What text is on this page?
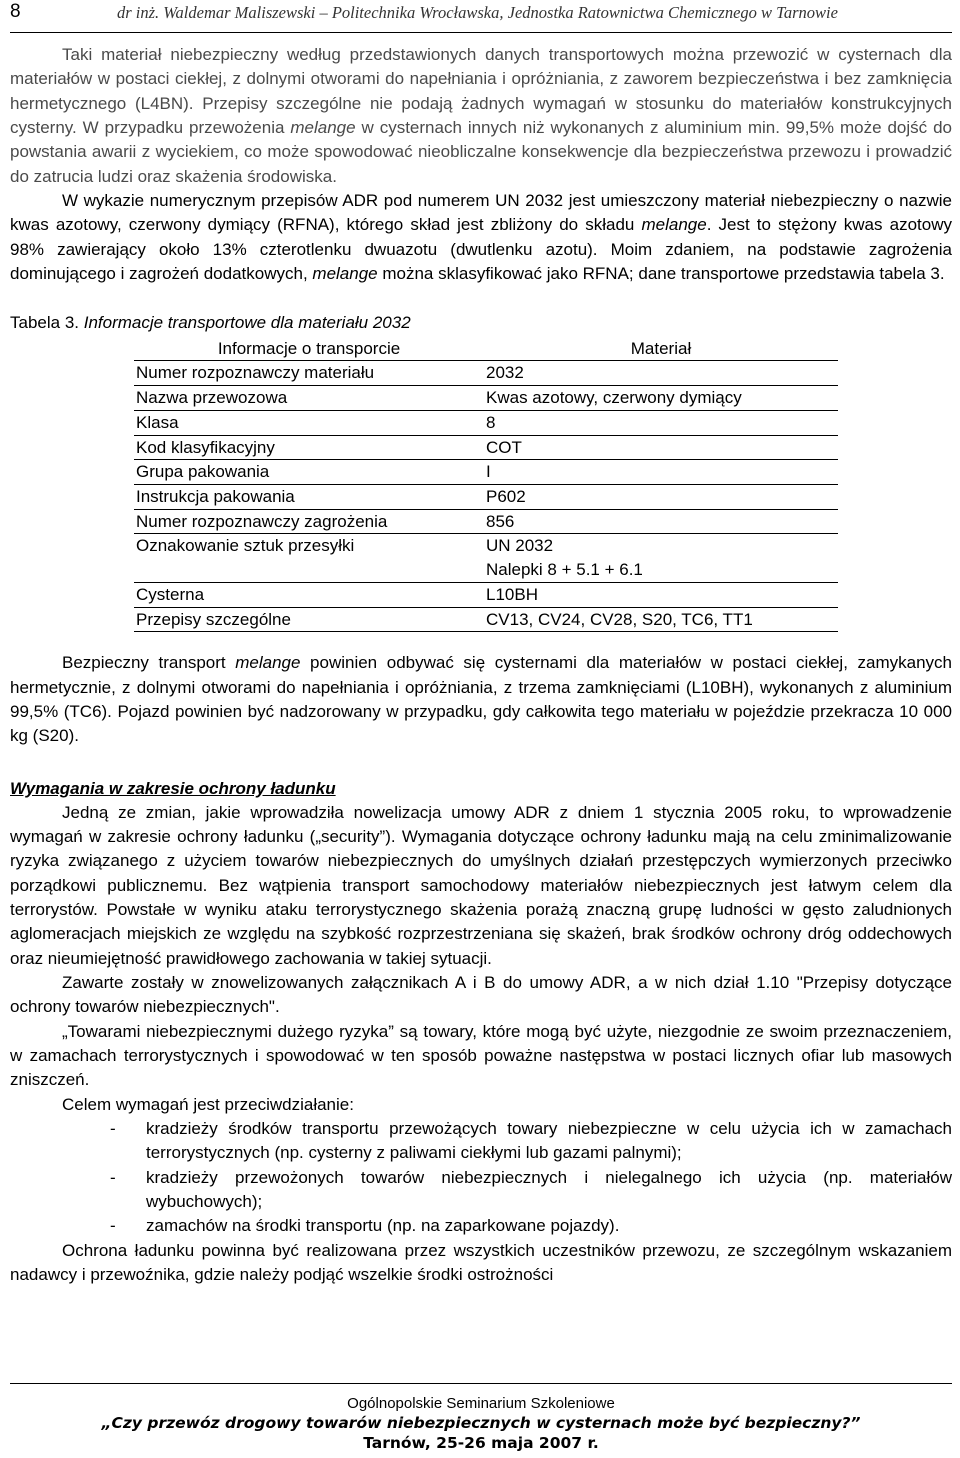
8	dr inż. Waldemar Maliszewski – Politechnika Wrocławska, Jednostka Ratownictwa Chemicznego w Tarnowie

Taki materiał niebezpieczny według przedstawionych danych transportowych można przewozić w cysternach dla materiałów w postaci ciekłej, z dolnymi otworami do napełniania i opróżniania, z zaworem bezpieczeństwa i bez zamknięcia hermetycznego (L4BN). Przepisy szczególne nie podają żadnych wymagań w stosunku do materiałów konstrukcyjnych cysterny. W przypadku przewożenia melange w cysternach innych niż wykonanych z aluminium min. 99,5% może dojść do powstania awarii z wyciekiem, co może spowodować nieobliczalne konsekwencje dla bezpieczeństwa przewozu i prowadzić do zatrucia ludzi oraz skażenia środowiska.

W wykazie numerycznym przepisów ADR pod numerem UN 2032 jest umieszczony materiał niebezpieczny o nazwie kwas azotowy, czerwony dymiący (RFNA), którego skład jest zbliżony do składu melange. Jest to stężony kwas azotowy 98% zawierający około 13% czterotlenku dwuazotu (dwutlenku azotu). Moim zdaniem, na podstawie zagrożenia dominującego i zagrożeń dodatkowych, melange można sklasyfikować jako RFNA; dane transportowe przedstawia tabela 3.

Tabela 3. Informacje transportowe dla materiału 2032

Informacje o transporcie	Materiał
Numer rozpoznawczy materiału	2032

Nazwa przewozowa	Kwas azotowy, czerwony dymiący

Klasa	8

Kod klasyfikacyjny	COT

Grupa pakowania	I

Instrukcja pakowania	P602

Numer rozpoznawczy zagrożenia	856

Oznakowanie sztuk przesyłki	UN 2032
Nalepki 8 + 5.1 + 6.1

Cysterna	L10BH

Przepisy szczególne	CV13, CV24, CV28, S20, TC6, TT1

Bezpieczny transport melange powinien odbywać się cysternami dla materiałów w postaci ciekłej, zamykanych hermetycznie, z dolnymi otworami do napełniania i opróżniania, z trzema zamknięciami (L10BH), wykonanych z aluminium 99,5% (TC6). Pojazd powinien być nadzorowany w przypadku, gdy całkowita tego materiału w pojeździe przekracza 10 000 kg (S20).

Wymagania w zakresie ochrony ładunku

Jedną ze zmian, jakie wprowadziła nowelizacja umowy ADR z dniem 1 stycznia 2005 roku, to wprowadzenie wymagań w zakresie ochrony ładunku („security”). Wymagania dotyczące ochrony ładunku mają na celu zminimalizowanie ryzyka związanego z użyciem towarów niebezpiecznych do umyślnych działań przestępczych wymierzonych przeciwko porządkowi publicznemu. Bez wątpienia transport samochodowy materiałów niebezpiecznych jest łatwym celem dla terrorystów. Powstałe w wyniku ataku terrorystycznego skażenia porażą znaczną grupę ludności w gęsto zaludnionych aglomeracjach miejskich ze względu na szybkość rozprzestrzeniana się skażeń, brak środków ochrony dróg oddechowych oraz nieumiejętność prawidłowego zachowania w takiej sytuacji.

Zawarte zostały w znowelizowanych załącznikach A i B do umowy ADR, a w nich dział 1.10 "Przepisy dotyczące ochrony towarów niebezpiecznych".

„Towarami niebezpiecznymi dużego ryzyka” są towary, które mogą być użyte, niezgodnie ze swoim przeznaczeniem, w zamachach terrorystycznych i spowodować w ten sposób poważne następstwa w postaci licznych ofiar lub masowych zniszczeń.

Celem wymagań jest przeciwdziałanie:

- kradzieży środków transportu przewożących towary niebezpieczne w celu użycia ich w zamachach terrorystycznych (np. cysterny z paliwami ciekłymi lub gazami palnymi);
- kradzieży przewożonych towarów niebezpiecznych i nielegalnego ich użycia (np. materiałów wybuchowych);
- zamachów na środki transportu (np. na zaparkowane pojazdy).

Ochrona ładunku powinna być realizowana przez wszystkich uczestników przewozu, ze szczególnym wskazaniem nadawcy i przewoźnika, gdzie należy podjąć wszelkie środki ostrożności

Ogólnopolskie Seminarium Szkoleniowe
„Czy przewóz drogowy towarów niebezpiecznych w cysternach może być bezpieczny?”
Tarnów, 25-26 maja 2007 r.
